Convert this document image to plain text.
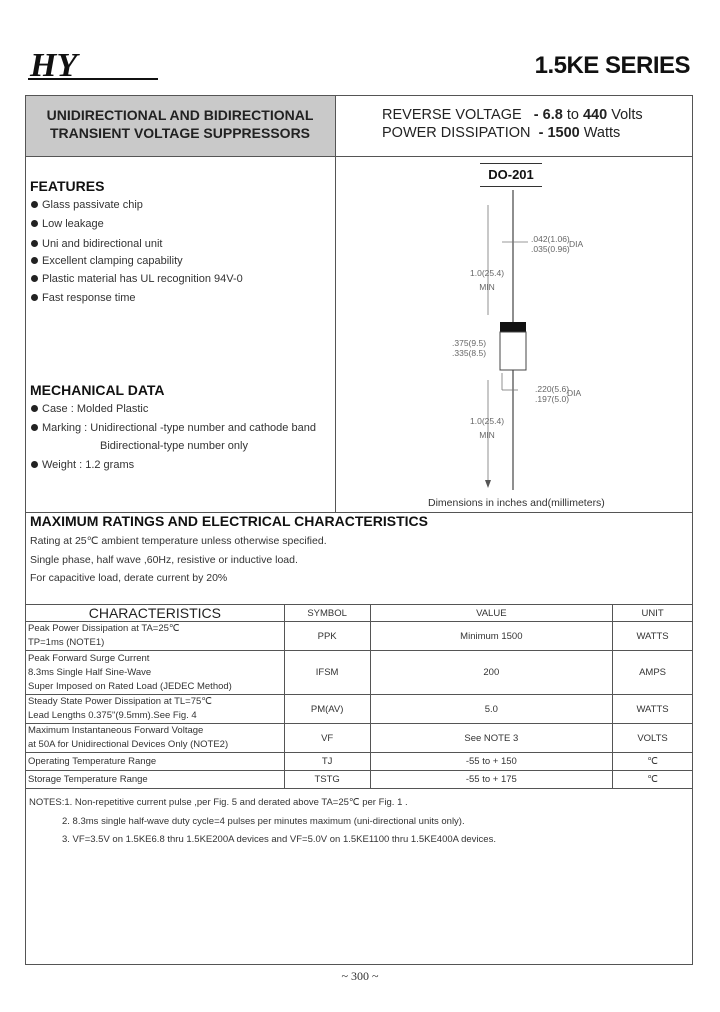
HY	1.5KE SERIES
UNIDIRECTIONAL AND BIDIRECTIONAL
TRANSIENT VOLTAGE SUPPRESSORS
REVERSE VOLTAGE - 6.8 to 440 Volts
POWER DISSIPATION - 1500 Watts
FEATURES
Glass passivate chip
Low leakage
Uni and bidirectional unit
Excellent clamping capability
Plastic material has UL recognition 94V-0
Fast response time
MECHANICAL DATA
Case : Molded Plastic
Marking : Unidirectional -type number and cathode band
Bidirectional-type number only
Weight : 1.2 grams
DO-201
.042(1.06)
.035(0.96) DIA
1.0(25.4)
MIN
.375(9.5)
.335(8.5)
.220(5.6)
.197(5.0)
DIA
1.0(25.4)
MIN
Dimensions in inches and(millimeters)
MAXIMUM RATINGS AND ELECTRICAL CHARACTERISTICS
Rating at 25℃ ambient temperature unless otherwise specified.
Single phase, half wave ,60Hz, resistive or inductive load.
For capacitive load, derate current by 20%
CHARACTERISTICS	SYMBOL	VALUE	UNIT

Peak Power Dissipation at TA=25℃
TP=1ms (NOTE1)	PPK	Minimum 1500	WATTS

Peak Forward Surge Current
8.3ms Single Half Sine-Wave
Super Imposed on Rated Load (JEDEC Method)	IFSM	200	AMPS

Steady State Power Dissipation at TL=75℃
Lead Lengths 0.375"(9.5mm).See Fig. 4	PM(AV)	5.0	WATTS

Maximum Instantaneous Forward Voltage
at 50A for Unidirectional Devices Only (NOTE2)	VF	See NOTE 3	VOLTS
Operating Temperature Range	TJ	-55 to + 150	℃
Storage Temperature Range	TSTG	-55 to + 175	℃
NOTES:1. Non-repetitive current pulse ,per Fig. 5 and derated above TA=25℃ per Fig. 1 .
2. 8.3ms single half-wave duty cycle=4 pulses per minutes maximum (uni-directional units only).
3. VF=3.5V on 1.5KE6.8 thru 1.5KE200A devices and VF=5.0V on 1.5KE1100 thru 1.5KE400A devices.
~ 300 ~
